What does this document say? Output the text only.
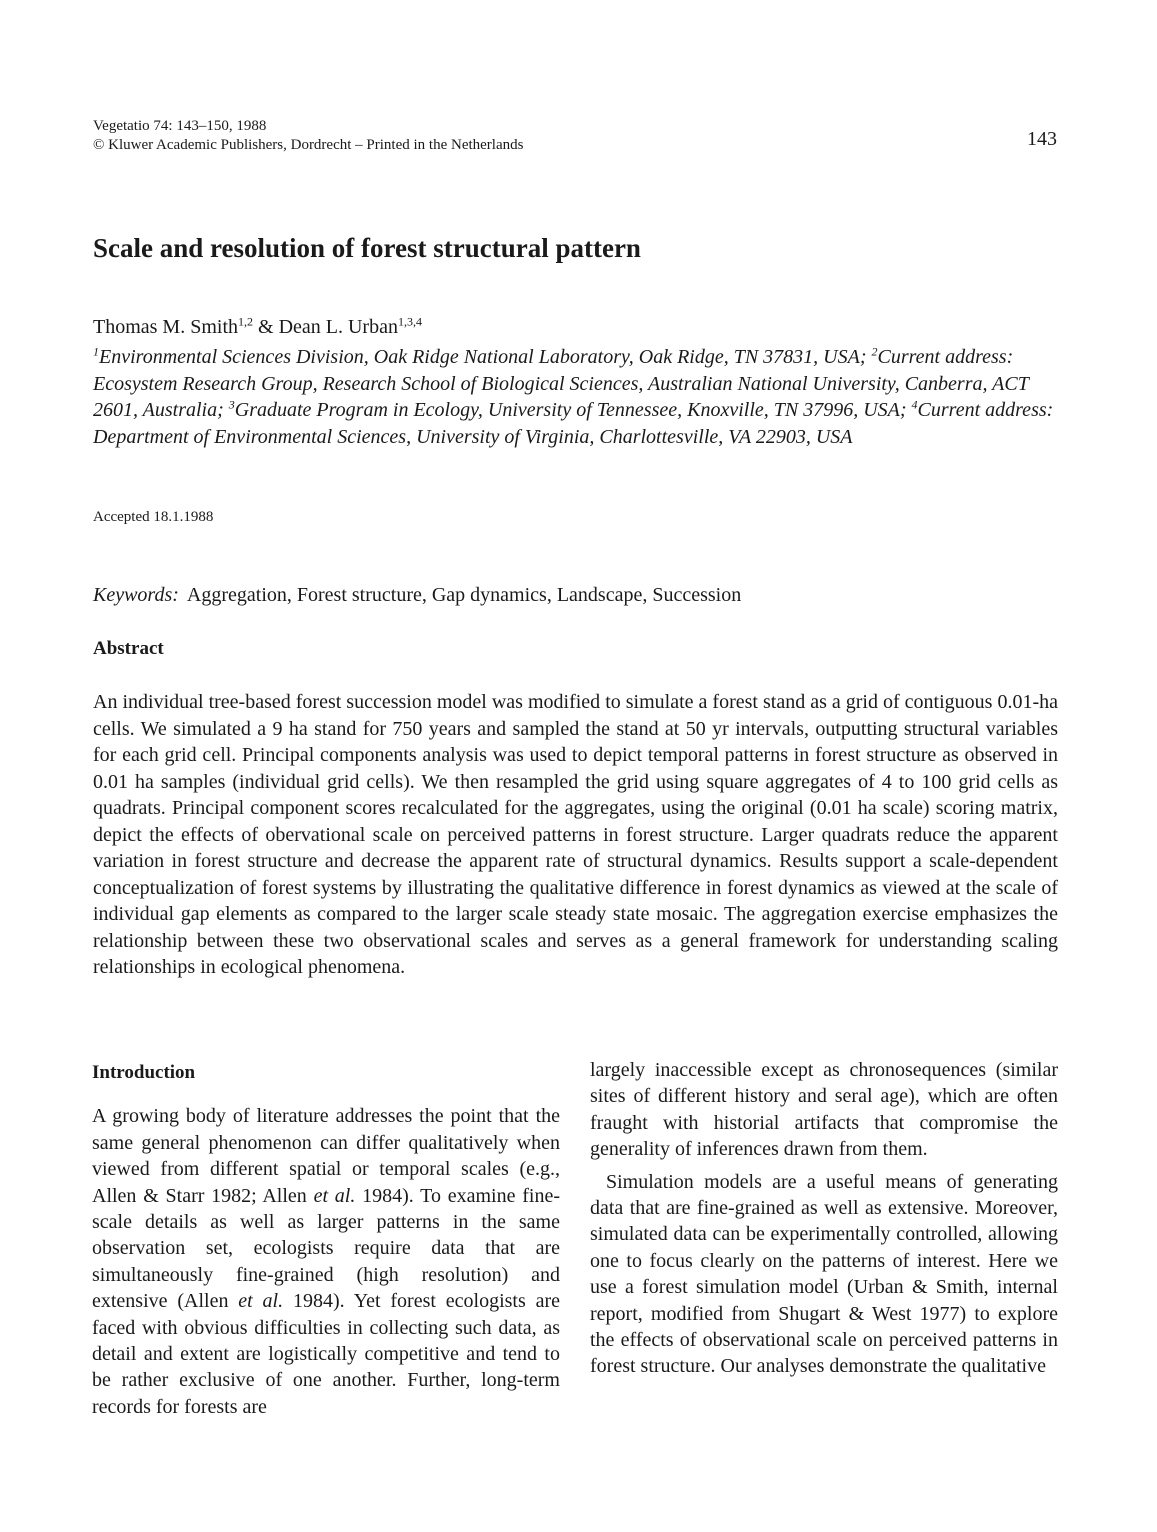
Vegetatio 74: 143–150, 1988
© Kluwer Academic Publishers, Dordrecht – Printed in the Netherlands	143
Scale and resolution of forest structural pattern
Thomas M. Smith$^{1,2}$ & Dean L. Urban$^{1,3,4}$
$^1$Environmental Sciences Division, Oak Ridge National Laboratory, Oak Ridge, TN 37831, USA; $^2$Current address: Ecosystem Research Group, Research School of Biological Sciences, Australian National University, Canberra, ACT 2601, Australia; $^3$Graduate Program in Ecology, University of Tennessee, Knoxville, TN 37996, USA; $^4$Current address: Department of Environmental Sciences, University of Virginia, Charlottesville, VA 22903, USA
Accepted 18.1.1988
Keywords: Aggregation, Forest structure, Gap dynamics, Landscape, Succession
Abstract
An individual tree-based forest succession model was modified to simulate a forest stand as a grid of contiguous 0.01-ha cells. We simulated a 9 ha stand for 750 years and sampled the stand at 50 yr intervals, outputting structural variables for each grid cell. Principal components analysis was used to depict temporal patterns in forest structure as observed in 0.01 ha samples (individual grid cells). We then resampled the grid using square aggregates of 4 to 100 grid cells as quadrats. Principal component scores recalculated for the aggregates, using the original (0.01 ha scale) scoring matrix, depict the effects of obervational scale on perceived patterns in forest structure. Larger quadrats reduce the apparent variation in forest structure and decrease the apparent rate of structural dynamics. Results support a scale-dependent conceptualization of forest systems by illustrating the qualitative difference in forest dynamics as viewed at the scale of individual gap elements as compared to the larger scale steady state mosaic. The aggregation exercise emphasizes the relationship between these two observational scales and serves as a general framework for understanding scaling relationships in ecological phenomena.
Introduction

A growing body of literature addresses the point that the same general phenomenon can differ qualitatively when viewed from different spatial or temporal scales (e.g., Allen & Starr 1982; Allen et al. 1984). To examine fine-scale details as well as larger patterns in the same observation set, ecologists require data that are simultaneously fine-grained (high resolution) and extensive (Allen et al. 1984). Yet forest ecologists are faced with obvious difficulties in collecting such data, as detail and extent are logistically competitive and tend to be rather exclusive of one another. Further, long-term records for forests are

largely inaccessible except as chronosequences (similar sites of different history and seral age), which are often fraught with historial artifacts that compromise the generality of inferences drawn from them.

Simulation models are a useful means of generating data that are fine-grained as well as extensive. Moreover, simulated data can be experimentally controlled, allowing one to focus clearly on the patterns of interest. Here we use a forest simulation model (Urban & Smith, internal report, modified from Shugart & West 1977) to explore the effects of observational scale on perceived patterns in forest structure. Our analyses demonstrate the qualitative
